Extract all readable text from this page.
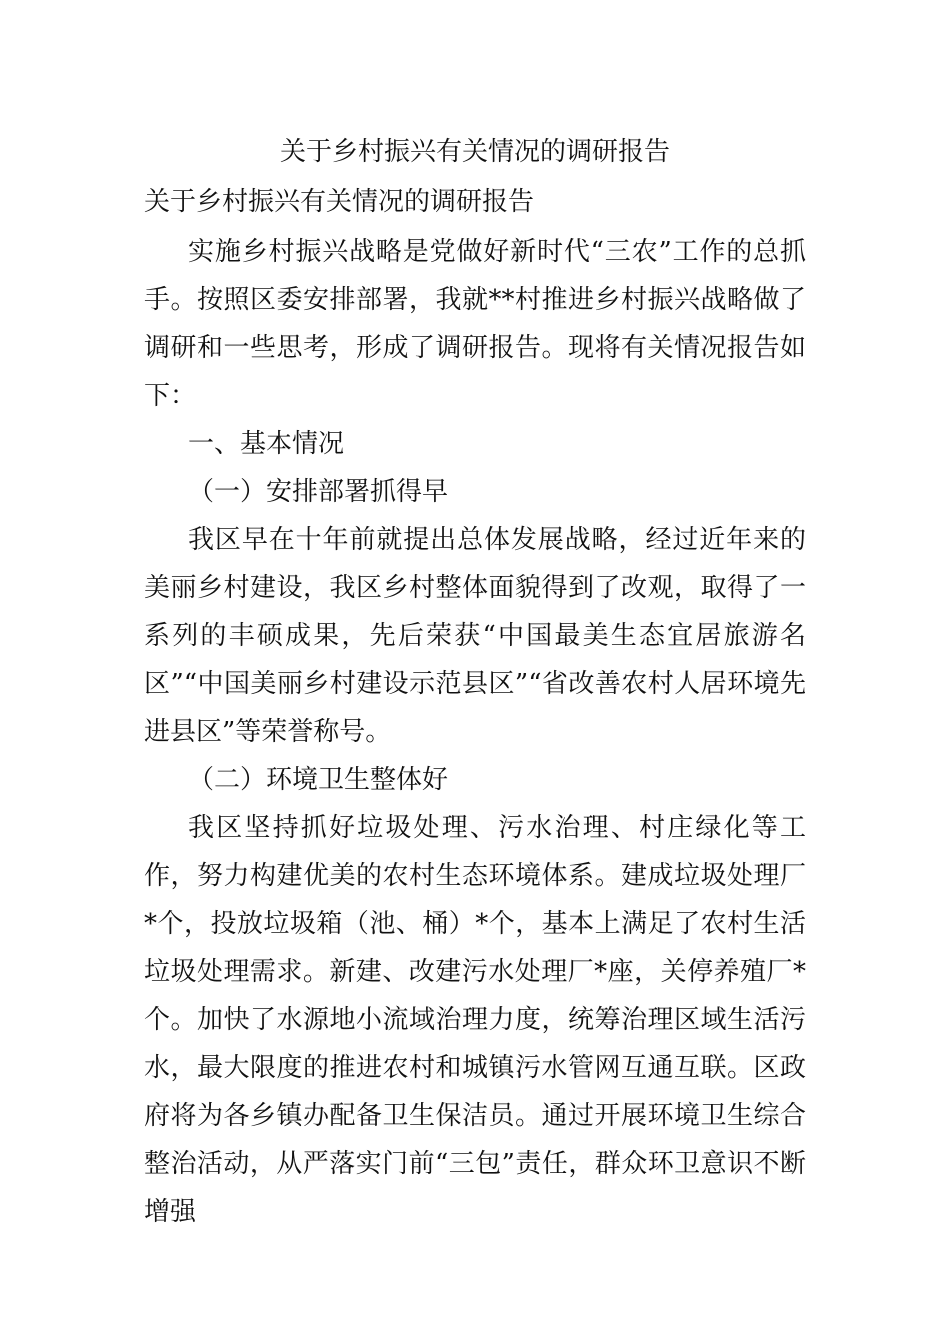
关于乡村振兴有关情况的调研报告

关于乡村振兴有关情况的调研报告

实施乡村振兴战略是党做好新时代“三农”工作的总抓手。按照区委安排部署，我就**村推进乡村振兴战略做了调研和一些思考，形成了调研报告。现将有关情况报告如下：

一、基本情况

（一）安排部署抓得早

我区早在十年前就提出总体发展战略，经过近年来的美丽乡村建设，我区乡村整体面貌得到了改观，取得了一系列的丰硕成果，先后荣获“中国最美生态宜居旅游名区”“中国美丽乡村建设示范县区”“省改善农村人居环境先进县区”等荣誉称号。

（二）环境卫生整体好

我区坚持抓好垃圾处理、污水治理、村庄绿化等工作，努力构建优美的农村生态环境体系。建成垃圾处理厂*个，投放垃圾箱（池、桶）*个，基本上满足了农村生活垃圾处理需求。新建、改建污水处理厂*座，关停养殖厂*个。加快了水源地小流域治理力度，统筹治理区域生活污水，最大限度的推进农村和城镇污水管网互通互联。区政府将为各乡镇办配备卫生保洁员。通过开展环境卫生综合整治活动，从严落实门前“三包”责任，群众环卫意识不断增强
